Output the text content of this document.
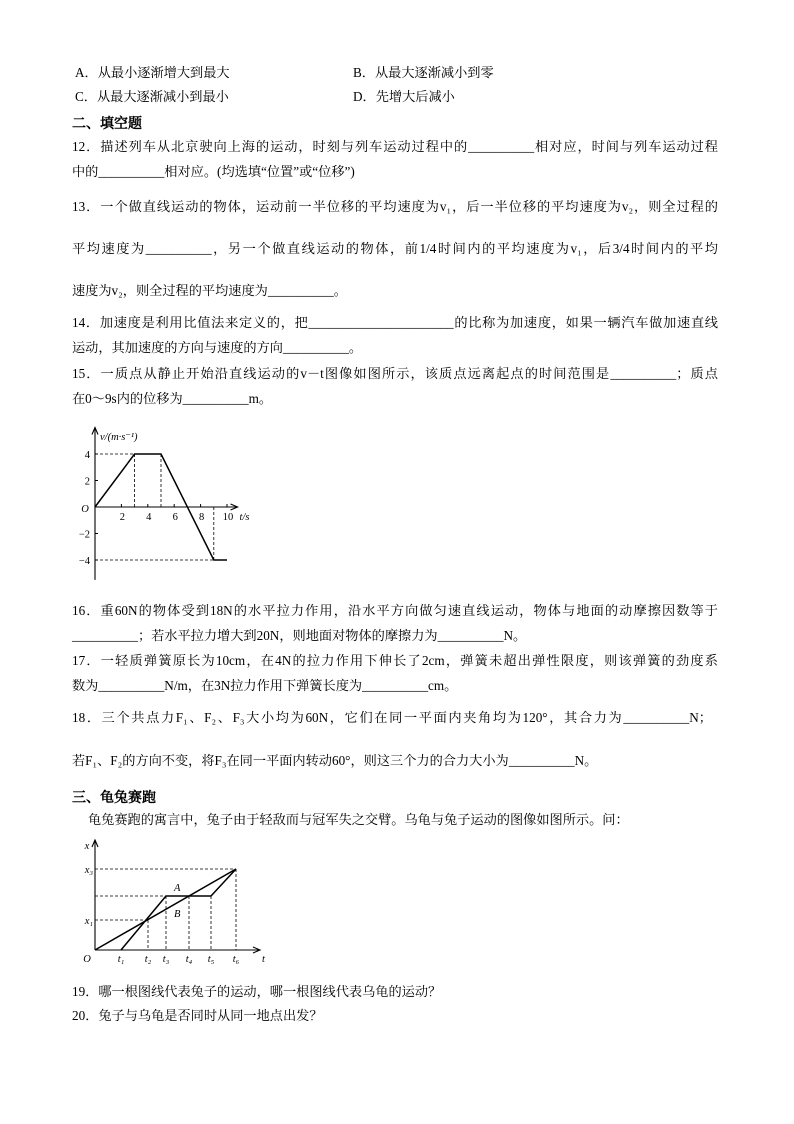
A．从最小逐渐增大到最大	B．从最大逐渐减小到零
C．从最大逐渐减小到最小	D．先增大后减小
二、填空题
12．描述列车从北京驶向上海的运动，时刻与列车运动过程中的__________相对应，时间与列车运动过程
中的__________相对应。(均选填“位置”或“位移”)
13．一个做直线运动的物体，运动前一半位移的平均速度为v₁，后一半位移的平均速度为v₂，则全过程的
平均速度为__________，另一个做直线运动的物体，前1/4时间内的平均速度为v₁，后3/4时间内的平均
速度为v₂，则全过程的平均速度为__________。
14．加速度是利用比值法来定义的，把______________________的比称为加速度，如果一辆汽车做加速直线
运动，其加速度的方向与速度的方向__________。
15．一质点从静止开始沿直线运动的v－t图像如图所示，该质点远离起点的时间范围是__________；质点
在0～9s内的位移为__________m。
4
2
−2
−4
2 4 6 8 10
O
v/(m·s⁻¹)
t/s
16．重60N的物体受到18N的水平拉力作用，沿水平方向做匀速直线运动，物体与地面的动摩擦因数等于
__________；若水平拉力增大到20N，则地面对物体的摩擦力为__________N。
17．一轻质弹簧原长为10cm，在4N的拉力作用下伸长了2cm，弹簧未超出弹性限度，则该弹簧的劲度系
数为__________N/m，在3N拉力作用下弹簧长度为__________cm。
18．三个共点力F₁、F₂、F₃大小均为60N，它们在同一平面内夹角均为120°，其合力为__________N；
若F₁、F₂的方向不变，将F₃在同一平面内转动60°，则这三个力的合力大小为__________N。
三、龟兔赛跑
龟兔赛跑的寓言中，兔子由于轻敌而与冠军失之交臂。乌龟与兔子运动的图像如图所示。问：
x
t
O	t₁ t₂ t₃ t₄ t₅ t₆
x₃
x₁
A
B
19．哪一根图线代表兔子的运动，哪一根图线代表乌龟的运动？
20．兔子与乌龟是否同时从同一地点出发？
